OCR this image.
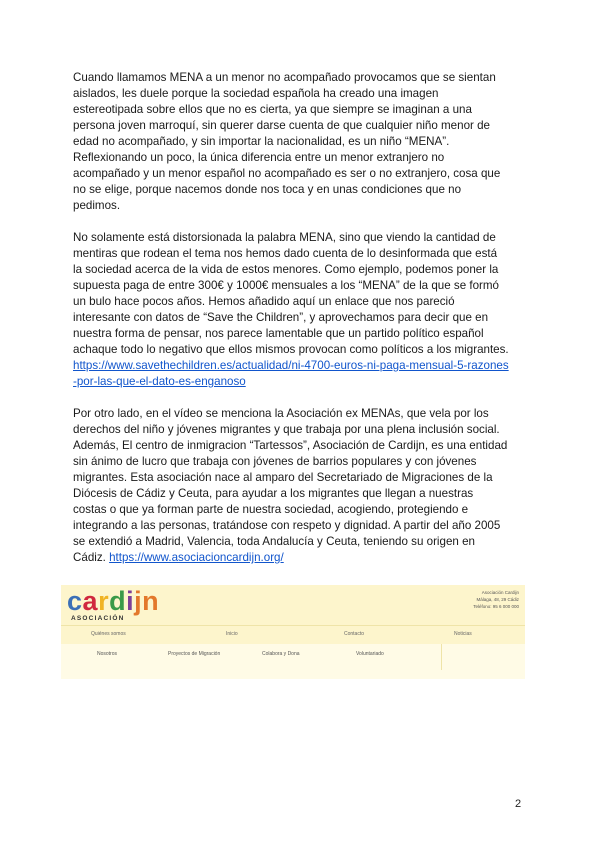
Cuando llamamos MENA a un menor no acompañado provocamos que se sientan
aislados, les duele porque la sociedad española ha creado una imagen
estereotipada sobre ellos que no es cierta, ya que siempre se imaginan a una
persona joven marroquí, sin querer darse cuenta de que cualquier niño menor de
edad no acompañado, y sin importar la nacionalidad, es un niño “MENA”.
Reflexionando un poco, la única diferencia entre un menor extranjero no
acompañado y un menor español no acompañado es ser o no extranjero, cosa que
no se elige, porque nacemos donde nos toca y en unas condiciones que no
pedimos.

No solamente está distorsionada la palabra MENA, sino que viendo la cantidad de
mentiras que rodean el tema nos hemos dado cuenta de lo desinformada que está
la sociedad acerca de la vida de estos menores. Como ejemplo, podemos poner la
supuesta paga de entre 300€ y 1000€ mensuales a los “MENA” de la que se formó
un bulo hace pocos años. Hemos añadido aquí un enlace que nos pareció
interesante con datos de “Save the Children”, y aprovechamos para decir que en
nuestra forma de pensar, nos parece lamentable que un partido político español
achaque todo lo negativo que ellos mismos provocan como políticos a los migrantes.
https://www.savethechildren.es/actualidad/ni-4700-euros-ni-paga-mensual-5-razones
-por-las-que-el-dato-es-enganoso

Por otro lado, en el vídeo se menciona la Asociación ex MENAs, que vela por los
derechos del niño y jóvenes migrantes y que trabaja por una plena inclusión social.
Además, El centro de inmigracion “Tartessos”, Asociación de Cardijn, es una entidad
sin ánimo de lucro que trabaja con jóvenes de barrios populares y con jóvenes
migrantes. Esta asociación nace al amparo del Secretariado de Migraciones de la
Diócesis de Cádiz y Ceuta, para ayudar a los migrantes que llegan a nuestras
costas o que ya forman parte de nuestra sociedad, acogiendo, protegiendo e
integrando a las personas, tratándose con respeto y dignidad. A partir del año 2005
se extendió a Madrid, Valencia, toda Andalucía y Ceuta, teniendo su origen en
Cádiz. https://www.asociacioncardijn.org/

cardijn
ASOCIACIÓN
Asociación Cardijn
Málaga, 48, 29 Cádiz
Teléfono: 95 6 000 000
Quiénes somos	Inicio	Contacto	Noticias
Nosotros	Proyectos de Migración	Colabora y Dona	Voluntariado
2
